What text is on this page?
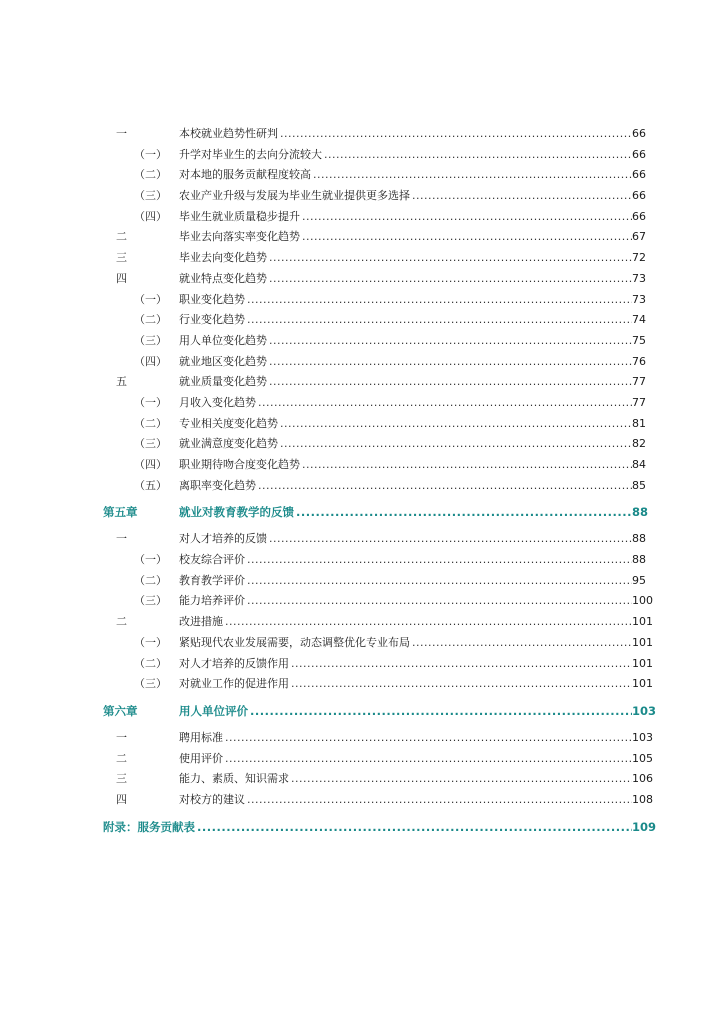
一	本校就业趋势性研判 .....	66
（一） 升学对毕业生的去向分流较大 .....	66
（二） 对本地的服务贡献程度较高 .....	66
（三） 农业产业升级与发展为毕业生就业提供更多选择 .....	66
（四） 毕业生就业质量稳步提升 .....	66
二	毕业去向落实率变化趋势 .....	67
三	毕业去向变化趋势 .....	72
四	就业特点变化趋势 .....	73
（一） 职业变化趋势 .....	73
（二） 行业变化趋势 .....	74
（三） 用人单位变化趋势 .....	75
（四） 就业地区变化趋势 .....	76
五	就业质量变化趋势 .....	77
（一） 月收入变化趋势 .....	77
（二） 专业相关度变化趋势 .....	81
（三） 就业满意度变化趋势 .....	82
（四） 职业期待吻合度变化趋势 .....	84
（五） 离职率变化趋势 .....	85
第五章	就业对教育教学的反馈 .....	88
一	对人才培养的反馈 .....	88
（一） 校友综合评价 .....	88
（二） 教育教学评价 .....	95
（三） 能力培养评价 .....	100
二	改进措施 .....	101
（一） 紧贴现代农业发展需要，动态调整优化专业布局 .....	101
（二） 对人才培养的反馈作用 .....	101
（三） 对就业工作的促进作用 .....	101
第六章	用人单位评价 .....	103
一	聘用标准 .....	103
二	使用评价 .....	105
三	能力、素质、知识需求 .....	106
四	对校方的建议 .....	108
附录：服务贡献表 .....	109
